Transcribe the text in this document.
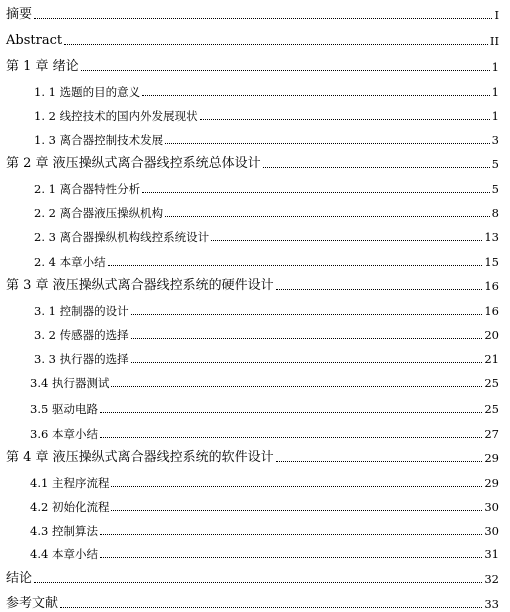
摘要	I
Abstract	II
第 1 章 绪论	1
1. 1 选题的目的意义	1
1. 2 线控技术的国内外发展现状	1
1. 3 离合器控制技术发展	3
第 2 章 液压操纵式离合器线控系统总体设计	5
2. 1 离合器特性分析	5
2. 2 离合器液压操纵机构	8
2. 3 离合器操纵机构线控系统设计	13
2. 4 本章小结	15
第 3 章 液压操纵式离合器线控系统的硬件设计	16
3. 1 控制器的设计	16
3. 2 传感器的选择	20
3. 3 执行器的选择	21
3.4 执行器测试	25
3.5 驱动电路	25
3.6 本章小结	27
第 4 章 液压操纵式离合器线控系统的软件设计	29
4.1 主程序流程	29
4.2 初始化流程	30
4.3 控制算法	30
4.4 本章小结	31
结论	32
参考文献	33
